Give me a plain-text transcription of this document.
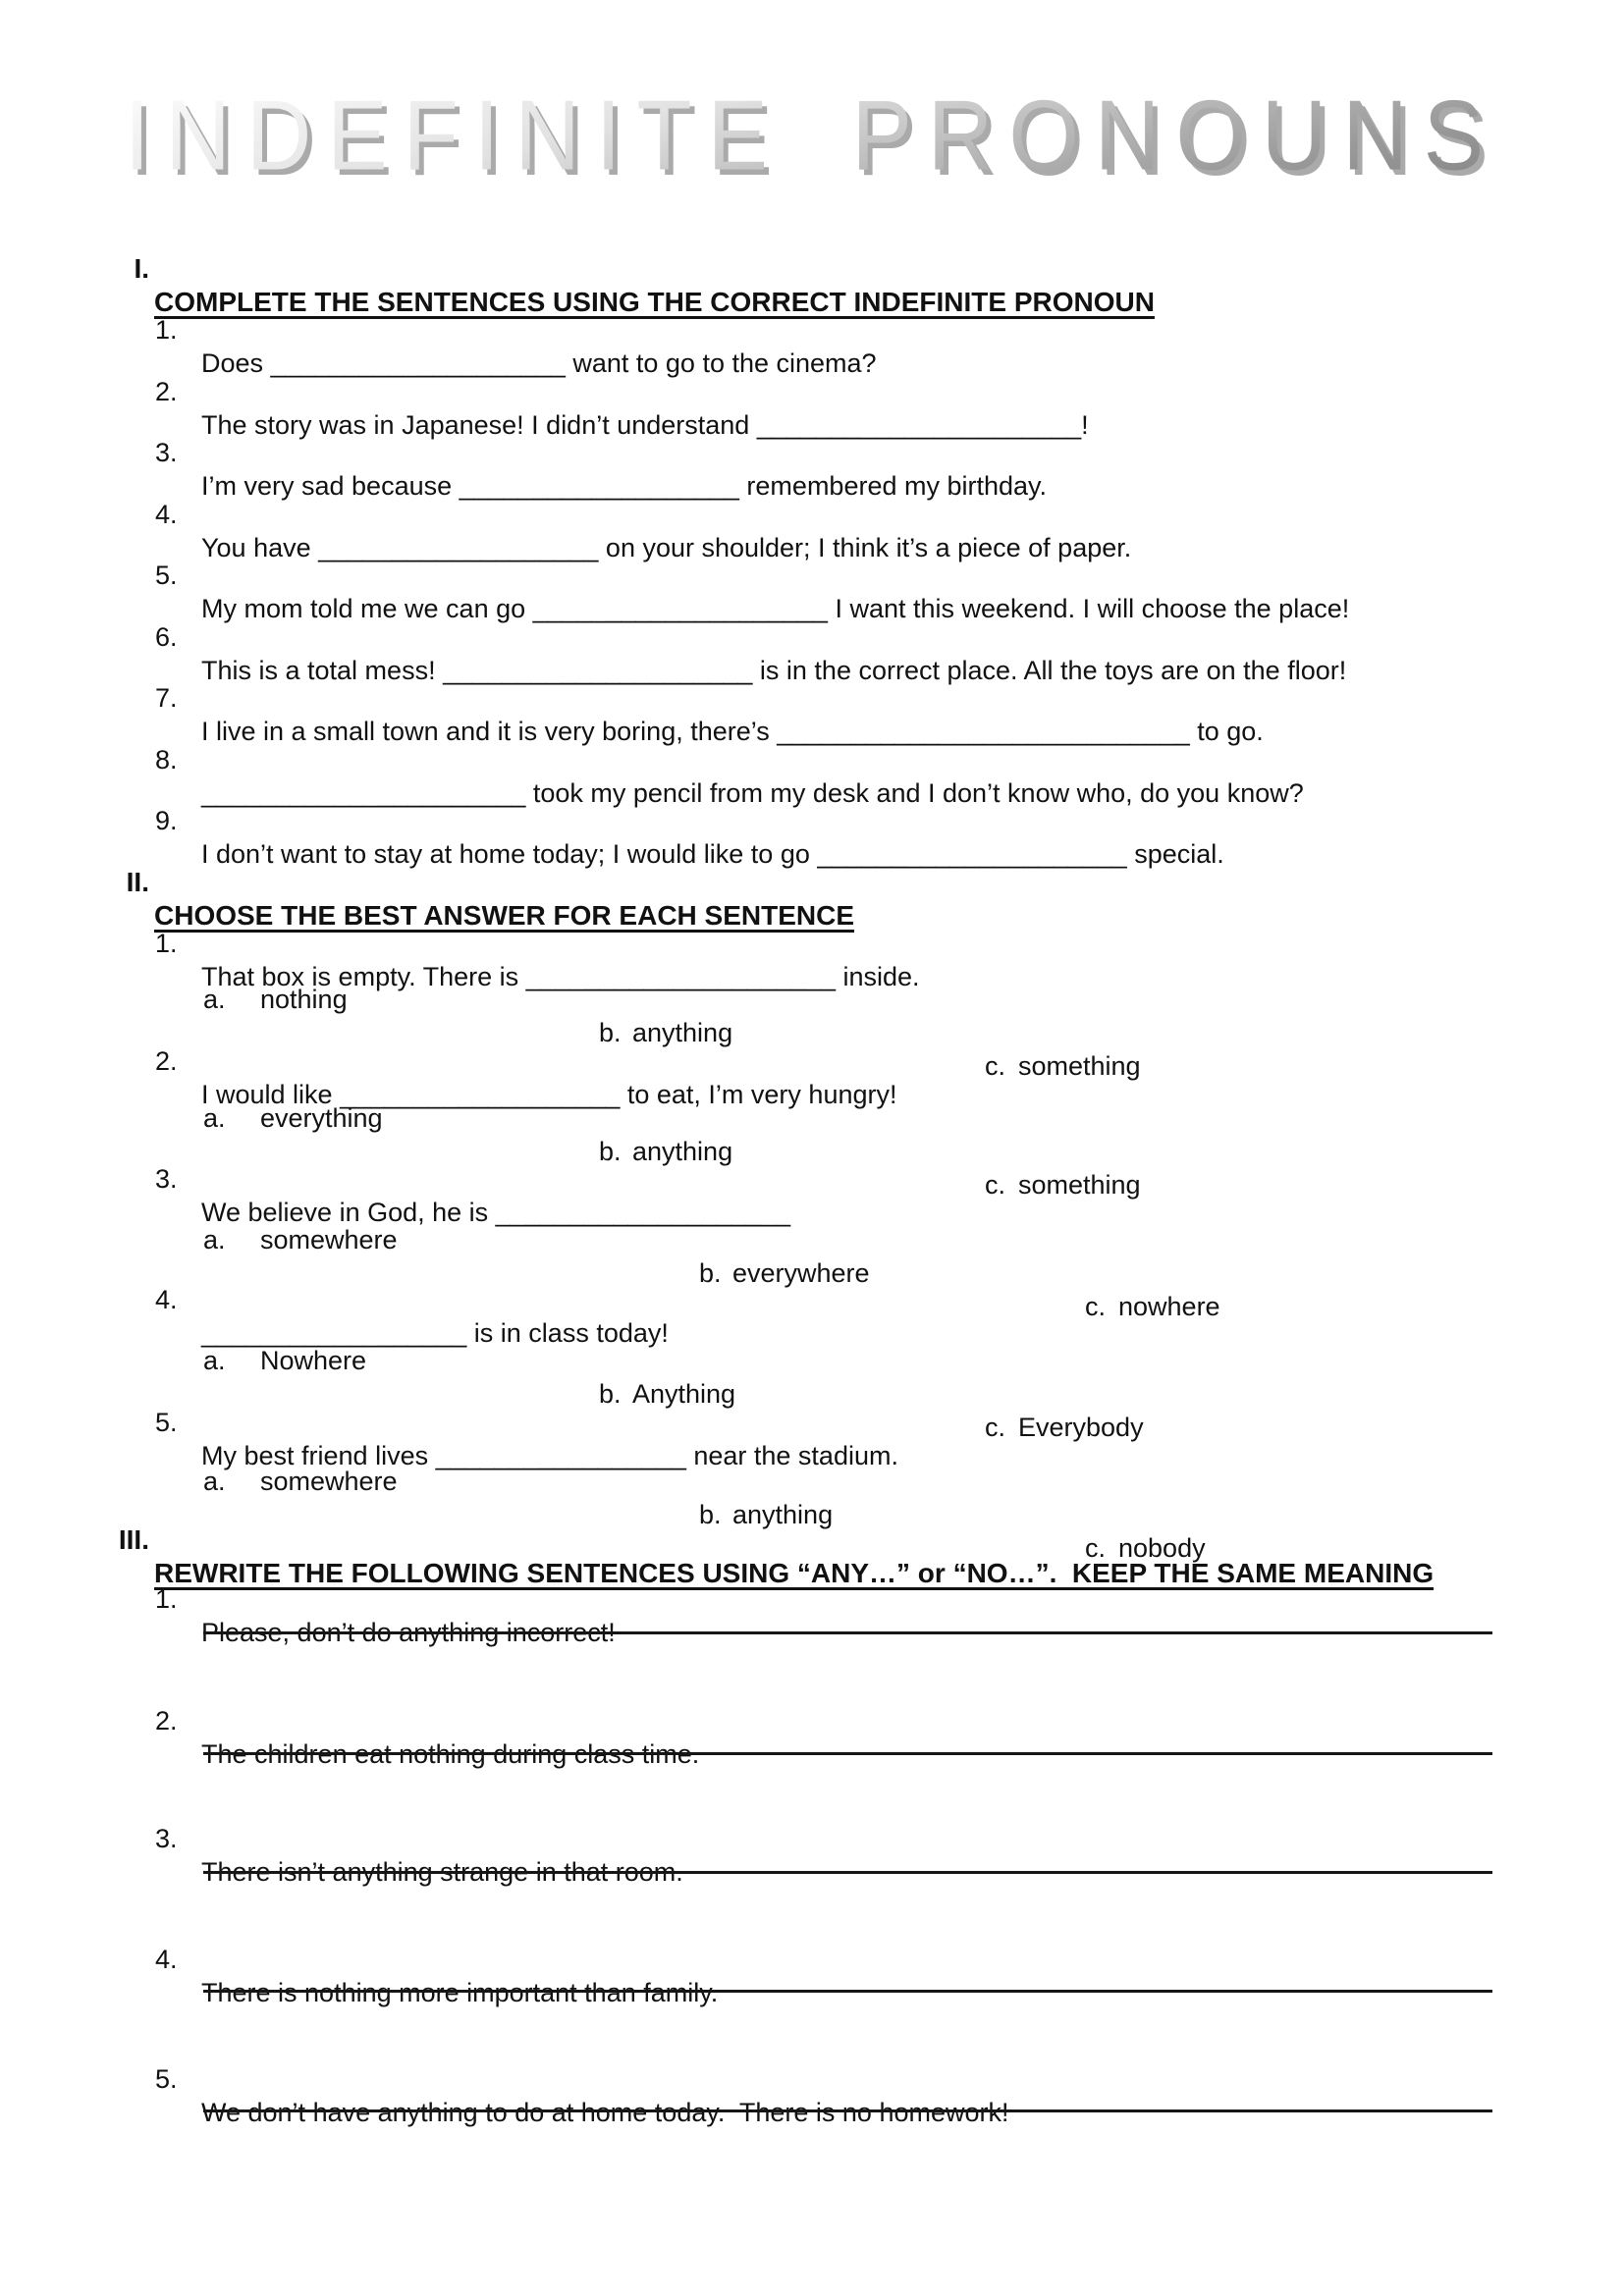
INDEFINITE PRONOUNS

I.

COMPLETE THE SENTENCES USING THE CORRECT INDEFINITE PRONOUN

1.

Does ____________________ want to go to the cinema?

2.

The story was in Japanese! I didn’t understand ______________________!

3.

I’m very sad because ___________________ remembered my birthday.

4.

You have ___________________ on your shoulder; I think it’s a piece of paper.

5.

My mom told me we can go ____________________ I want this weekend. I will choose the place!

6.

This is a total mess! _____________________ is in the correct place. All the toys are on the floor!

7.

I live in a small town and it is very boring, there’s ____________________________ to go.

8.

______________________ took my pencil from my desk and I don’t know who, do you know?

9.

I don’t want to stay at home today; I would like to go _____________________ special.

II.

CHOOSE THE BEST ANSWER FOR EACH SENTENCE

1.

That box is empty. There is _____________________ inside.

a. nothing

b. anything

c. something

2.

I would like ___________________ to eat, I’m very hungry!

a. everything

b. anything

c. something

3.

We believe in God, he is ____________________

a. somewhere

b. everywhere

c. nowhere

4.

__________________ is in class today!

a. Nowhere

b. Anything

c. Everybody

5.

My best friend lives _________________ near the stadium.

a. somewhere

b. anything

c. nobody

III.

REWRITE THE FOLLOWING SENTENCES USING “ANY…” or “NO…”.  KEEP THE SAME MEANING

1.

Please, don’t do anything incorrect!

2.

The children eat nothing during class time.

3.

There isn’t anything strange in that room.

4.

There is nothing more important than family.

5.

We don’t have anything to do at home today.  There is no homework!
